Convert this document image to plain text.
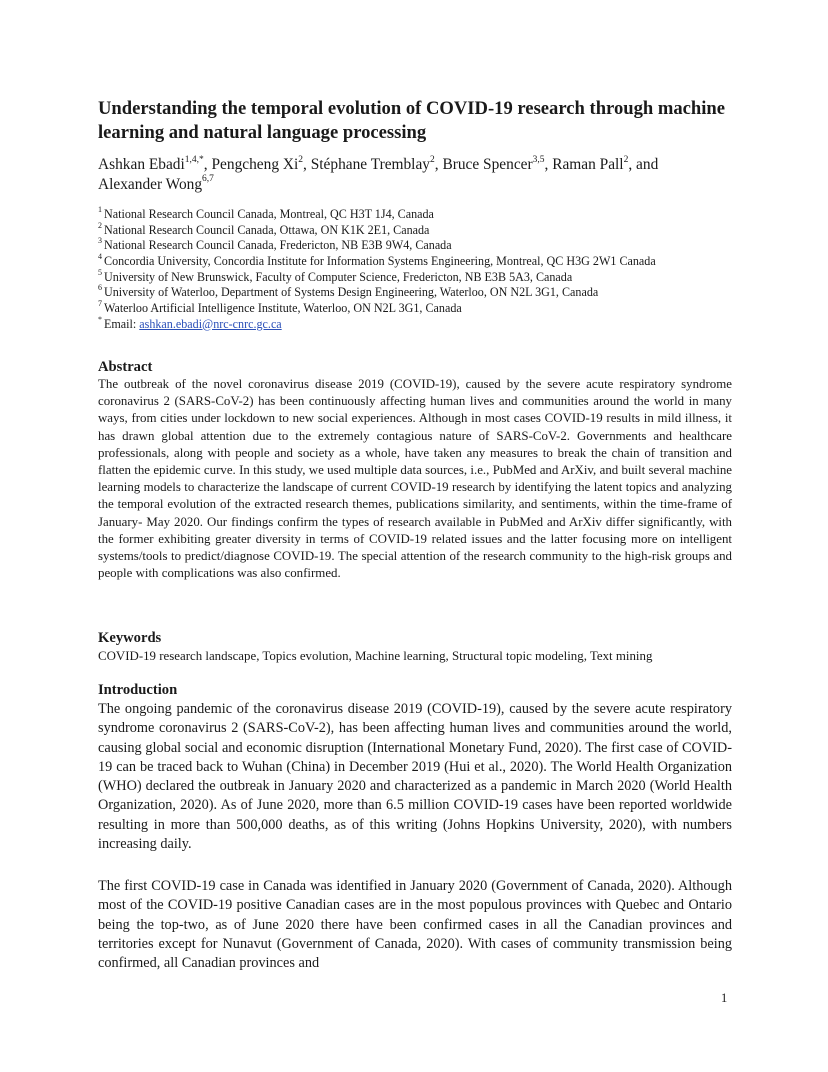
Understanding the temporal evolution of COVID-19 research through machine learning and natural language processing

Ashkan Ebadi$^{1,4,*}$, Pengcheng Xi$^2$, Stéphane Tremblay$^2$, Bruce Spencer$^{3,5}$, Raman Pall$^2$, and
Alexander Wong$^{6,7}$

$^1$ National Research Council Canada, Montreal, QC H3T 1J4, Canada
$^2$ National Research Council Canada, Ottawa, ON K1K 2E1, Canada
$^3$ National Research Council Canada, Fredericton, NB E3B 9W4, Canada
$^4$ Concordia University, Concordia Institute for Information Systems Engineering, Montreal, QC H3G 2W1 Canada
$^5$ University of New Brunswick, Faculty of Computer Science, Fredericton, NB E3B 5A3, Canada
$^6$ University of Waterloo, Department of Systems Design Engineering, Waterloo, ON N2L 3G1, Canada
$^7$ Waterloo Artificial Intelligence Institute, Waterloo, ON N2L 3G1, Canada
* Email: ashkan.ebadi@nrc-cnrc.gc.ca
Abstract

The outbreak of the novel coronavirus disease 2019 (COVID-19), caused by the severe acute respiratory syndrome coronavirus 2 (SARS-CoV-2) has been continuously affecting human lives and communities around the world in many ways, from cities under lockdown to new social experiences. Although in most cases COVID-19 results in mild illness, it has drawn global attention due to the extremely contagious nature of SARS-CoV-2. Governments and healthcare professionals, along with people and society as a whole, have taken any measures to break the chain of transition and flatten the epidemic curve. In this study, we used multiple data sources, i.e., PubMed and ArXiv, and built several machine learning models to characterize the landscape of current COVID-19 research by identifying the latent topics and analyzing the temporal evolution of the extracted research themes, publications similarity, and sentiments, within the time-frame of January- May 2020. Our findings confirm the types of research available in PubMed and ArXiv differ significantly, with the former exhibiting greater diversity in terms of COVID-19 related issues and the latter focusing more on intelligent systems/tools to predict/diagnose COVID-19. The special attention of the research community to the high-risk groups and people with complications was also confirmed.

Keywords

COVID-19 research landscape, Topics evolution, Machine learning, Structural topic modeling, Text mining

Introduction

The ongoing pandemic of the coronavirus disease 2019 (COVID-19), caused by the severe acute respiratory syndrome coronavirus 2 (SARS-CoV-2), has been affecting human lives and communities around the world, causing global social and economic disruption (International Monetary Fund, 2020). The first case of COVID-19 can be traced back to Wuhan (China) in December 2019 (Hui et al., 2020). The World Health Organization (WHO) declared the outbreak in January 2020 and characterized as a pandemic in March 2020 (World Health Organization, 2020). As of June 2020, more than 6.5 million COVID-19 cases have been reported worldwide resulting in more than 500,000 deaths, as of this writing (Johns Hopkins University, 2020), with numbers increasing daily.

The first COVID-19 case in Canada was identified in January 2020 (Government of Canada, 2020). Although most of the COVID-19 positive Canadian cases are in the most populous provinces with Quebec and Ontario being the top-two, as of June 2020 there have been confirmed cases in all the Canadian provinces and territories except for Nunavut (Government of Canada, 2020). With cases of community transmission being confirmed, all Canadian provinces and

1
